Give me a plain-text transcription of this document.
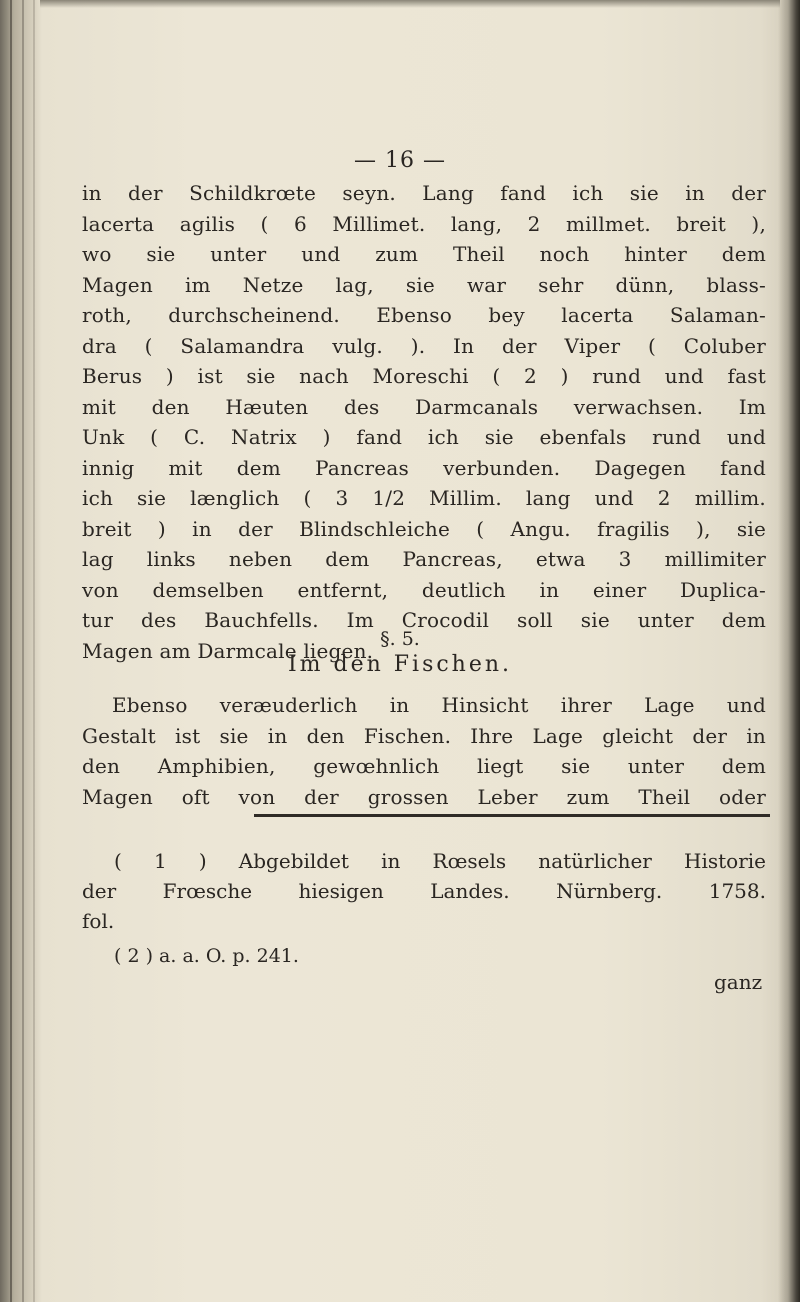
— 16 —
in der Schildkrœte seyn. Lang fand ich sie in der
lacerta agilis ( 6 Millimet. lang, 2 millmet. breit ),
wo sie unter und zum Theil noch hinter dem
Magen im Netze lag, sie war sehr dünn, blass-
roth, durchscheinend. Ebenso bey lacerta Salaman-
dra ( Salamandra vulg. ). In der Viper ( Coluber
Berus ) ist sie nach Moreschi ( 2 ) rund und fast
mit den Hæuten des Darmcanals verwachsen. Im
Unk ( C. Natrix ) fand ich sie ebenfals rund und
innig mit dem Pancreas verbunden. Dagegen fand
ich sie længlich ( 3 1/2 Millim. lang und 2 millim.
breit ) in der Blindschleiche ( Angu. fragilis ), sie
lag links neben dem Pancreas, etwa 3 millimiter
von demselben entfernt, deutlich in einer Duplica-
tur des Bauchfells. Im Crocodil soll sie unter dem
Magen am Darmcale liegen. §. 5.
Im den Fischen.
Ebenso veræuderlich in Hinsicht ihrer Lage und
Gestalt ist sie in den Fischen. Ihre Lage gleicht der in
den Amphibien, gewœhnlich liegt sie unter dem
Magen oft von der grossen Leber zum Theil oder
( 1 ) Abgebildet in Rœsels natürlicher Historie
der Frœsche hiesigen Landes. Nürnberg. 1758.
fol.
( 2 ) a. a. O. p. 241.
ganz
